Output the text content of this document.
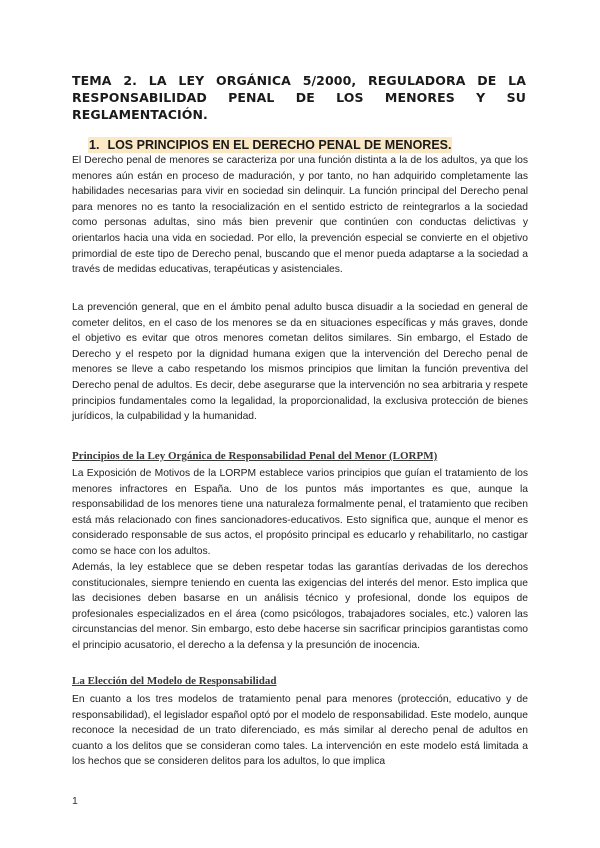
TEMA 2. LA LEY ORGÁNICA 5/2000, REGULADORA DE LA RESPONSABILIDAD PENAL DE LOS MENORES Y SU REGLAMENTACIÓN.
1. LOS PRINCIPIOS EN EL DERECHO PENAL DE MENORES.

El Derecho penal de menores se caracteriza por una función distinta a la de los adultos, ya que los menores aún están en proceso de maduración, y por tanto, no han adquirido completamente las habilidades necesarias para vivir en sociedad sin delinquir. La función principal del Derecho penal para menores no es tanto la resocialización en el sentido estricto de reintegrarlos a la sociedad como personas adultas, sino más bien prevenir que continúen con conductas delictivas y orientarlos hacia una vida en sociedad. Por ello, la prevención especial se convierte en el objetivo primordial de este tipo de Derecho penal, buscando que el menor pueda adaptarse a la sociedad a través de medidas educativas, terapéuticas y asistenciales.

La prevención general, que en el ámbito penal adulto busca disuadir a la sociedad en general de cometer delitos, en el caso de los menores se da en situaciones específicas y más graves, donde el objetivo es evitar que otros menores cometan delitos similares. Sin embargo, el Estado de Derecho y el respeto por la dignidad humana exigen que la intervención del Derecho penal de menores se lleve a cabo respetando los mismos principios que limitan la función preventiva del Derecho penal de adultos. Es decir, debe asegurarse que la intervención no sea arbitraria y respete principios fundamentales como la legalidad, la proporcionalidad, la exclusiva protección de bienes jurídicos, la culpabilidad y la humanidad.

Principios de la Ley Orgánica de Responsabilidad Penal del Menor (LORPM)

La Exposición de Motivos de la LORPM establece varios principios que guían el tratamiento de los menores infractores en España. Uno de los puntos más importantes es que, aunque la responsabilidad de los menores tiene una naturaleza formalmente penal, el tratamiento que reciben está más relacionado con fines sancionadores-educativos. Esto significa que, aunque el menor es considerado responsable de sus actos, el propósito principal es educarlo y rehabilitarlo, no castigar como se hace con los adultos.

Además, la ley establece que se deben respetar todas las garantías derivadas de los derechos constitucionales, siempre teniendo en cuenta las exigencias del interés del menor. Esto implica que las decisiones deben basarse en un análisis técnico y profesional, donde los equipos de profesionales especializados en el área (como psicólogos, trabajadores sociales, etc.) valoren las circunstancias del menor. Sin embargo, esto debe hacerse sin sacrificar principios garantistas como el principio acusatorio, el derecho a la defensa y la presunción de inocencia.

La Elección del Modelo de Responsabilidad

En cuanto a los tres modelos de tratamiento penal para menores (protección, educativo y de responsabilidad), el legislador español optó por el modelo de responsabilidad. Este modelo, aunque reconoce la necesidad de un trato diferenciado, es más similar al derecho penal de adultos en cuanto a los delitos que se consideran como tales. La intervención en este modelo está limitada a los hechos que se consideren delitos para los adultos, lo que implica

1
